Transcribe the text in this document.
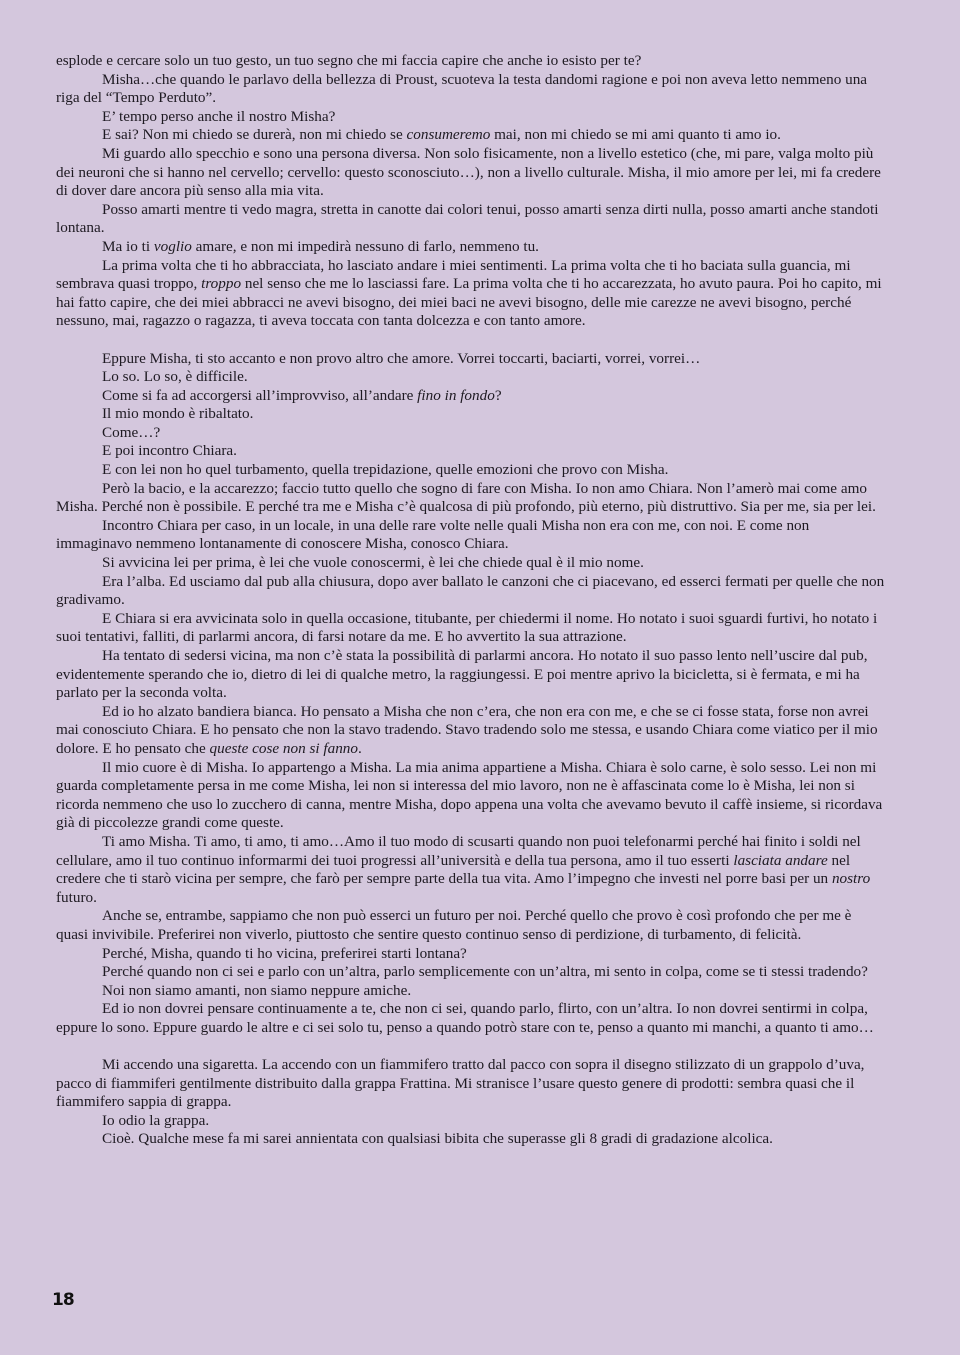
esplode e cercare solo un tuo gesto, un tuo segno che mi faccia capire che anche io esisto per te?

Misha…che quando le parlavo della bellezza di Proust, scuoteva la testa dandomi ragione e poi non aveva letto nemmeno una riga del “Tempo Perduto”.

E’ tempo perso anche il nostro Misha?

E sai? Non mi chiedo se durerà, non mi chiedo se consumeremo mai, non mi chiedo se mi ami quanto ti amo io.

Mi guardo allo specchio e sono una persona diversa. Non solo fisicamente, non a livello estetico (che, mi pare, valga molto più dei neuroni che si hanno nel cervello; cervello: questo sconosciuto…), non a livello culturale. Misha, il mio amore per lei, mi fa credere di dover dare ancora più senso alla mia vita.

Posso amarti mentre ti vedo magra, stretta in canotte dai colori tenui, posso amarti senza dirti nulla, posso amarti anche standoti lontana.

Ma io ti voglio amare, e non mi impedirà nessuno di farlo, nemmeno tu.

La prima volta che ti ho abbracciata, ho lasciato andare i miei sentimenti. La prima volta che ti ho baciata sulla guancia, mi sembrava quasi troppo, troppo nel senso che me lo lasciassi fare. La prima volta che ti ho accarezzata, ho avuto paura. Poi ho capito, mi hai fatto capire, che dei miei abbracci ne avevi bisogno, dei miei baci ne avevi bisogno, delle mie carezze ne avevi bisogno, perché nessuno, mai, ragazzo o ragazza, ti aveva toccata con tanta dolcezza e con tanto amore.

Eppure Misha, ti sto accanto e non provo altro che amore. Vorrei toccarti, baciarti, vorrei, vorrei…

Lo so. Lo so, è difficile.

Come si fa ad accorgersi all’improvviso, all’andare fino in fondo?

Il mio mondo è ribaltato.

Come…?

E poi incontro Chiara.

E con lei non ho quel turbamento, quella trepidazione, quelle emozioni che provo con Misha.

Però la bacio, e la accarezzo; faccio tutto quello che sogno di fare con Misha. Io non amo Chiara. Non l’amerò mai come amo Misha. Perché non è possibile. E perché tra me e Misha c’è qualcosa di più profondo, più eterno, più distruttivo. Sia per me, sia per lei.

Incontro Chiara per caso, in un locale, in una delle rare volte nelle quali Misha non era con me, con noi. E come non immaginavo nemmeno lontanamente di conoscere Misha, conosco Chiara.

Si avvicina lei per prima, è lei che vuole conoscermi, è lei che chiede qual è il mio nome.

Era l’alba. Ed usciamo dal pub alla chiusura, dopo aver ballato le canzoni che ci piacevano, ed esserci fermati per quelle che non gradivamo.

E Chiara si era avvicinata solo in quella occasione, titubante, per chiedermi il nome. Ho notato i suoi sguardi furtivi, ho notato i suoi tentativi, falliti, di parlarmi ancora, di farsi notare da me. E ho avvertito la sua attrazione.

Ha tentato di sedersi vicina, ma non c’è stata la possibilità di parlarmi ancora. Ho notato il suo passo lento nell’uscire dal pub, evidentemente sperando che io, dietro di lei di qualche metro, la raggiungessi. E poi mentre aprivo la bicicletta, si è fermata, e mi ha parlato per la seconda volta.

Ed io ho alzato bandiera bianca. Ho pensato a Misha che non c’era, che non era con me, e che se ci fosse stata, forse non avrei mai conosciuto Chiara. E ho pensato che non la stavo tradendo. Stavo tradendo solo me stessa, e usando Chiara come viatico per il mio dolore. E ho pensato che queste cose non si fanno.

Il mio cuore è di Misha. Io appartengo a Misha. La mia anima appartiene a Misha. Chiara è solo carne, è solo sesso. Lei non mi guarda completamente persa in me come Misha, lei non si interessa del mio lavoro, non ne è affascinata come lo è Misha, lei non si ricorda nemmeno che uso lo zucchero di canna, mentre Misha, dopo appena una volta che avevamo bevuto il caffè insieme, si ricordava già di piccolezze grandi come queste.

Ti amo Misha. Ti amo, ti amo, ti amo…Amo il tuo modo di scusarti quando non puoi telefonarmi perché hai finito i soldi nel cellulare, amo il tuo continuo informarmi dei tuoi progressi all’università e della tua persona, amo il tuo esserti lasciata andare nel credere che ti starò vicina per sempre, che farò per sempre parte della tua vita. Amo l’impegno che investi nel porre basi per un nostro futuro.

Anche se, entrambe, sappiamo che non può esserci un futuro per noi. Perché quello che provo è così profondo che per me è quasi invivibile. Preferirei non viverlo, piuttosto che sentire questo continuo senso di perdizione, di turbamento, di felicità.

Perché, Misha, quando ti ho vicina, preferirei starti lontana?

Perché quando non ci sei e parlo con un’altra, parlo semplicemente con un’altra, mi sento in colpa, come se ti stessi tradendo?

Noi non siamo amanti, non siamo neppure amiche.

Ed io non dovrei pensare continuamente a te, che non ci sei, quando parlo, flirto, con un’altra. Io non dovrei sentirmi in colpa, eppure lo sono. Eppure guardo le altre e ci sei solo tu, penso a quando potrò stare con te, penso a quanto mi manchi, a quanto ti amo…

Mi accendo una sigaretta. La accendo con un fiammifero tratto dal pacco con sopra il disegno stilizzato di un grappolo d’uva, pacco di fiammiferi gentilmente distribuito dalla grappa Frattina. Mi stranisce l’usare questo genere di prodotti: sembra quasi che il fiammifero sappia di grappa.

Io odio la grappa.

Cioè. Qualche mese fa mi sarei annientata con qualsiasi bibita che superasse gli 8 gradi di gradazione alcolica.

18
